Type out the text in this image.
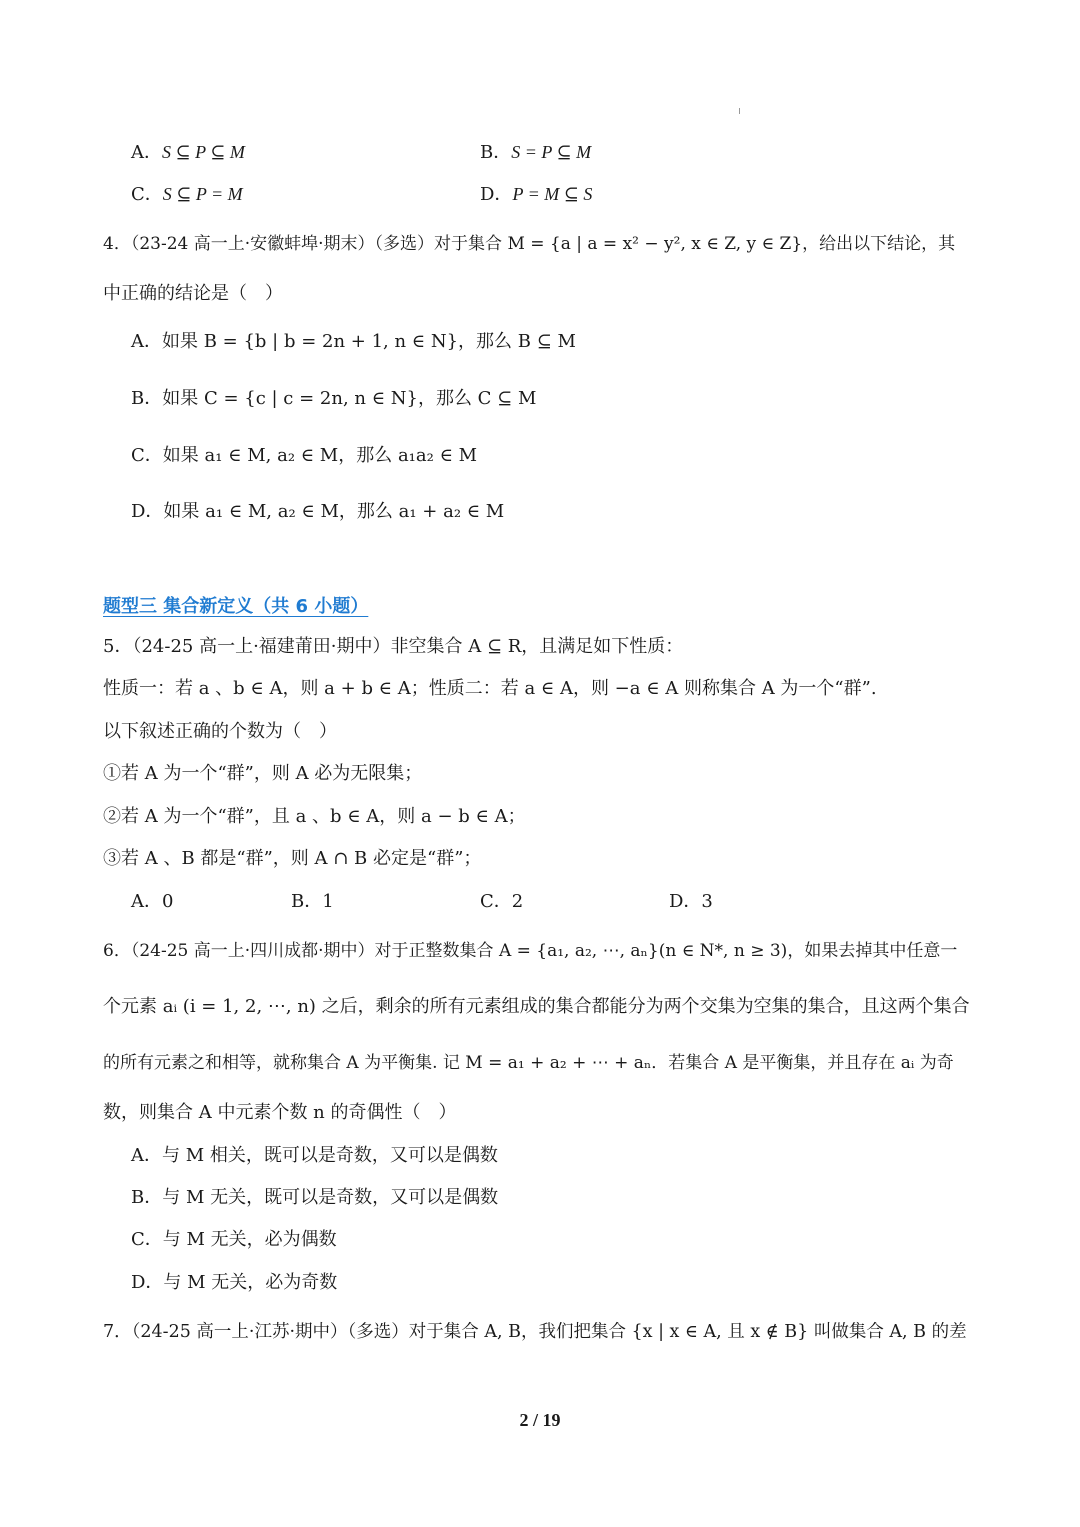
A．S ⊆ P ⊆ M	B．S = P ⊆ M
C．S ⊆ P = M	D．P = M ⊆ S
4．（23-24 高一上·安徽蚌埠·期末）（多选）对于集合 M = {a | a = x² − y², x ∈ Z, y ∈ Z}，给出以下结论，其
中正确的结论是（　）
A．如果 B = {b | b = 2n + 1, n ∈ N}，那么 B ⊆ M
B．如果 C = {c | c = 2n, n ∈ N}，那么 C ⊆ M
C．如果 a₁ ∈ M, a₂ ∈ M，那么 a₁a₂ ∈ M
D．如果 a₁ ∈ M, a₂ ∈ M，那么 a₁ + a₂ ∈ M
题型三 集合新定义（共 6 小题）
5．（24-25 高一上·福建莆田·期中）非空集合 A ⊆ R，且满足如下性质：
性质一：若 a 、b ∈ A，则 a + b ∈ A；性质二：若 a ∈ A，则 −a ∈ A 则称集合 A 为一个“群”.
以下叙述正确的个数为（　）
①若 A 为一个“群”，则 A 必为无限集；
②若 A 为一个“群”，且 a 、b ∈ A，则 a − b ∈ A；
③若 A 、B 都是“群”，则 A ∩ B 必定是“群”；
A．0	B．1	C．2	D．3
6．（24-25 高一上·四川成都·期中）对于正整数集合 A = {a₁, a₂, ⋯, aₙ}(n ∈ N*, n ≥ 3)，如果去掉其中任意一
个元素 aᵢ (i = 1, 2, ⋯, n) 之后，剩余的所有元素组成的集合都能分为两个交集为空集的集合，且这两个集合
的所有元素之和相等，就称集合 A 为平衡集. 记 M = a₁ + a₂ + ⋯ + aₙ．若集合 A 是平衡集，并且存在 aᵢ 为奇
数，则集合 A 中元素个数 n 的奇偶性（　）
A．与 M 相关，既可以是奇数，又可以是偶数
B．与 M 无关，既可以是奇数，又可以是偶数
C．与 M 无关，必为偶数
D．与 M 无关，必为奇数
7．（24-25 高一上·江苏·期中）（多选）对于集合 A, B，我们把集合 {x | x ∈ A, 且 x ∉ B} 叫做集合 A, B 的差
2 / 19
